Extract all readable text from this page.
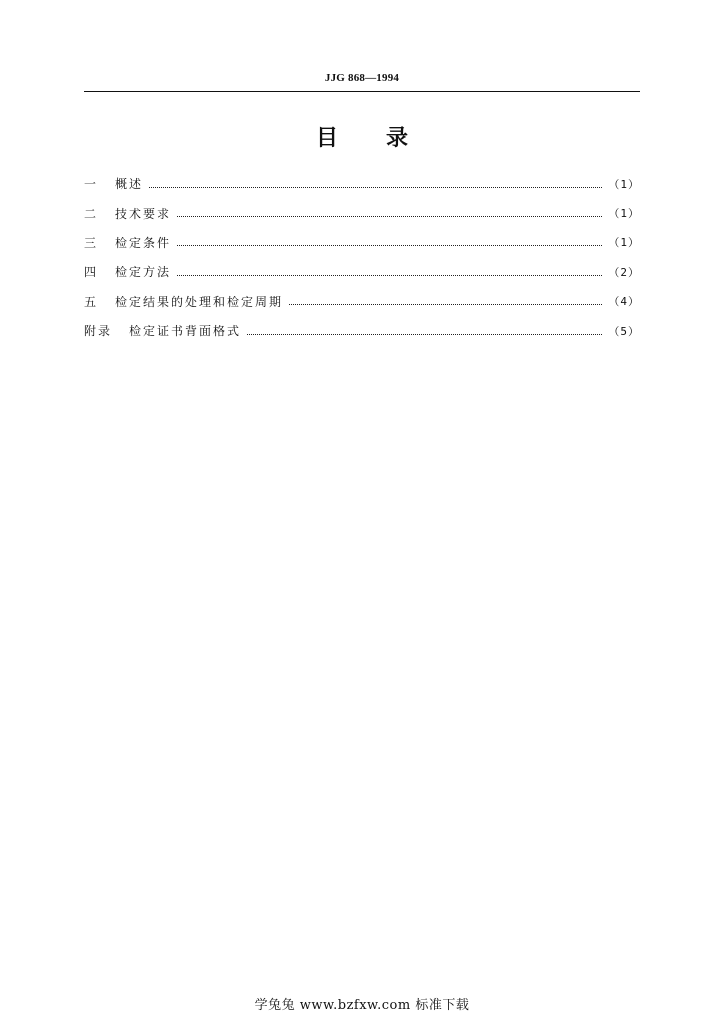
JJG 868—1994
目录
一	概述	（1）
二	技术要求	（1）
三	检定条件	（1）
四	检定方法	（2）
五	检定结果的处理和检定周期	（4）
附录	检定证书背面格式	（5）
学兔兔 www.bzfxw.com 标准下载
